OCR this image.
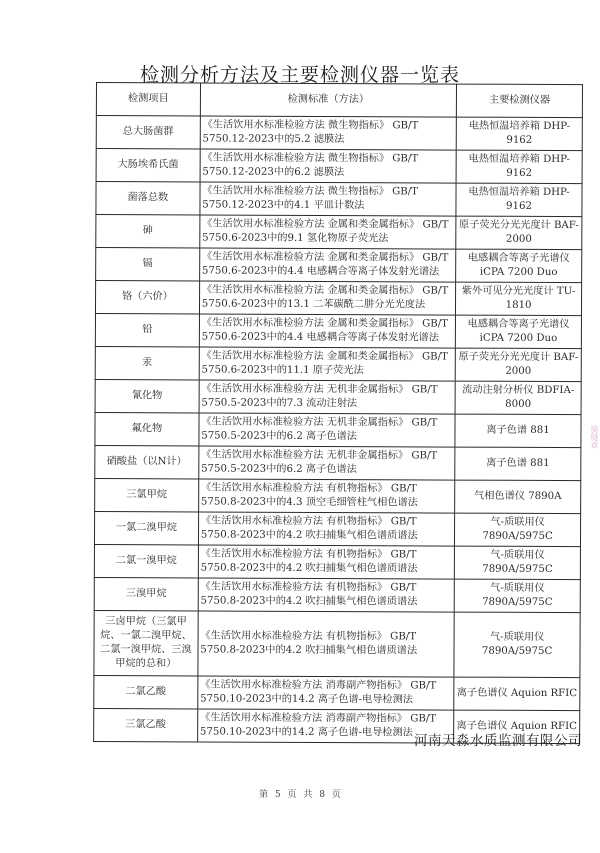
检测分析方法及主要检测仪器一览表
检测项目	检测标准（方法）	主要检测仪器
总大肠菌群	《生活饮用水标准检验方法 微生物指标》 GB/T 5750.12-2023中的5.2 滤膜法	电热恒温培养箱 DHP-9162
大肠埃希氏菌	《生活饮用水标准检验方法 微生物指标》 GB/T 5750.12-2023中的6.2 滤膜法	电热恒温培养箱 DHP-9162
菌落总数	《生活饮用水标准检验方法 微生物指标》 GB/T 5750.12-2023中的4.1 平皿计数法	电热恒温培养箱 DHP-9162
砷	《生活饮用水标准检验方法 金属和类金属指标》 GB/T 5750.6-2023中的9.1 氢化物原子荧光法	原子荧光分光光度计 BAF-2000
镉	《生活饮用水标准检验方法 金属和类金属指标》 GB/T 5750.6-2023中的4.4 电感耦合等离子体发射光谱法	电感耦合等离子光谱仪 iCPA 7200 Duo
铬（六价）	《生活饮用水标准检验方法 金属和类金属指标》 GB/T 5750.6-2023中的13.1 二苯碳酰二肼分光光度法	紫外可见分光光度计 TU-1810
铅	《生活饮用水标准检验方法 金属和类金属指标》 GB/T 5750.6-2023中的4.4 电感耦合等离子体发射光谱法	电感耦合等离子光谱仪 iCPA 7200 Duo
汞	《生活饮用水标准检验方法 金属和类金属指标》 GB/T 5750.6-2023中的11.1 原子荧光法	原子荧光分光光度计 BAF-2000
氰化物	《生活饮用水标准检验方法 无机非金属指标》 GB/T 5750.5-2023中的7.3 流动注射法	流动注射分析仪 BDFIA-8000
氟化物	《生活饮用水标准检验方法 无机非金属指标》 GB/T 5750.5-2023中的6.2 离子色谱法	离子色谱 881
硝酸盐（以N计）	《生活饮用水标准检验方法 无机非金属指标》 GB/T 5750.5-2023中的6.2 离子色谱法	离子色谱 881
三氯甲烷	《生活饮用水标准检验方法 有机物指标》 GB/T 5750.8-2023中的4.3 顶空毛细管柱气相色谱法	气相色谱仪 7890A
一氯二溴甲烷	《生活饮用水标准检验方法 有机物指标》 GB/T 5750.8-2023中的4.2 吹扫捕集气相色谱质谱法	气-质联用仪 7890A/5975C
二氯一溴甲烷	《生活饮用水标准检验方法 有机物指标》 GB/T 5750.8-2023中的4.2 吹扫捕集气相色谱质谱法	气-质联用仪 7890A/5975C
三溴甲烷	《生活饮用水标准检验方法 有机物指标》 GB/T 5750.8-2023中的4.2 吹扫捕集气相色谱质谱法	气-质联用仪 7890A/5975C
三卤甲烷（三氯甲烷、一氯二溴甲烷、二氯一溴甲烷、三溴甲烷的总和）	《生活饮用水标准检验方法 有机物指标》 GB/T 5750.8-2023中的4.2 吹扫捕集气相色谱质谱法	气-质联用仪 7890A/5975C
二氯乙酸	《生活饮用水标准检验方法 消毒副产物指标》 GB/T 5750.10-2023中的14.2 离子色谱-电导检测法	离子色谱仪 Aquion RFIC
三氯乙酸	《生活饮用水标准检验方法 消毒副产物指标》 GB/T 5750.10-2023中的14.2 离子色谱-电导检测法	离子色谱仪 Aquion RFIC
河南天淼水质监测有限公司
第 5 页 共 8 页
骑缝章
